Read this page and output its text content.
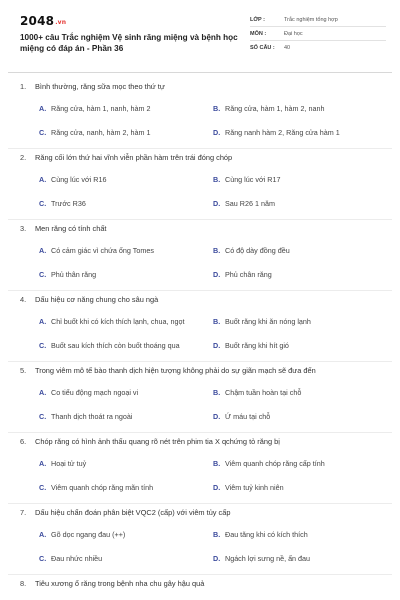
2048.vn
1000+ câu Trắc nghiệm Vệ sinh răng miệng và bệnh học miệng có đáp án - Phần 36
LỚP :	Trắc nghiệm tổng hợp
MÔN :	Đại học
SỐ CÂU :	40
1. Bình thường, răng sữa mọc theo thứ tự
A. Răng cửa, hàm 1, nanh, hàm 2	B. Răng cửa, hàm 1, hàm 2, nanh
C. Răng cửa, nanh, hàm 2, hàm 1	D. Răng nanh hàm 2, Răng cửa hàm 1
2. Răng cối lớn thứ hai vĩnh viễn phần hàm trên trái đóng chóp
A. Cùng lúc với R16	B. Cùng lúc với R17
C. Trước R36	D. Sau R26 1 năm
3. Men răng có tính chất
A. Có cảm giác vì chứa ống Tomes	B. Có độ dày đồng đều
C. Phủ thân răng	D. Phủ chân răng
4. Dấu hiệu cơ năng chung cho sâu ngà
A. Chỉ buốt khi có kích thích lạnh, chua, ngọt	B. Buốt răng khi ăn nóng lạnh
C. Buốt sau kích thích còn buốt thoáng qua	D. Buốt răng khi hít gió
5. Trong viêm mô tế bào thanh dịch hiện tượng không phải do sự giãn mạch sẽ đưa đến
A. Co tiểu động mạch ngoại vi	B. Chậm tuần hoàn tại chỗ
C. Thanh dịch thoát ra ngoài	D. Ứ máu tại chỗ
6. Chóp răng có hình ảnh thấu quang rõ nét trên phim tia X qchứng tỏ răng bị
A. Hoại tử tuỷ	B. Viêm quanh chóp răng cấp tính
C. Viêm quanh chóp răng mãn tính	D. Viêm tuỷ kinh niên
7. Dấu hiệu chẩn đoán phân biệt VQC2 (cấp) với viêm tủy cấp
A. Gõ dọc ngang đau (++)	B. Đau tăng khi có kích thích
C. Đau nhức nhiều	D. Ngách lợi sưng nề, ấn đau
8. Tiêu xương ổ răng trong bệnh nha chu gây hậu quả
